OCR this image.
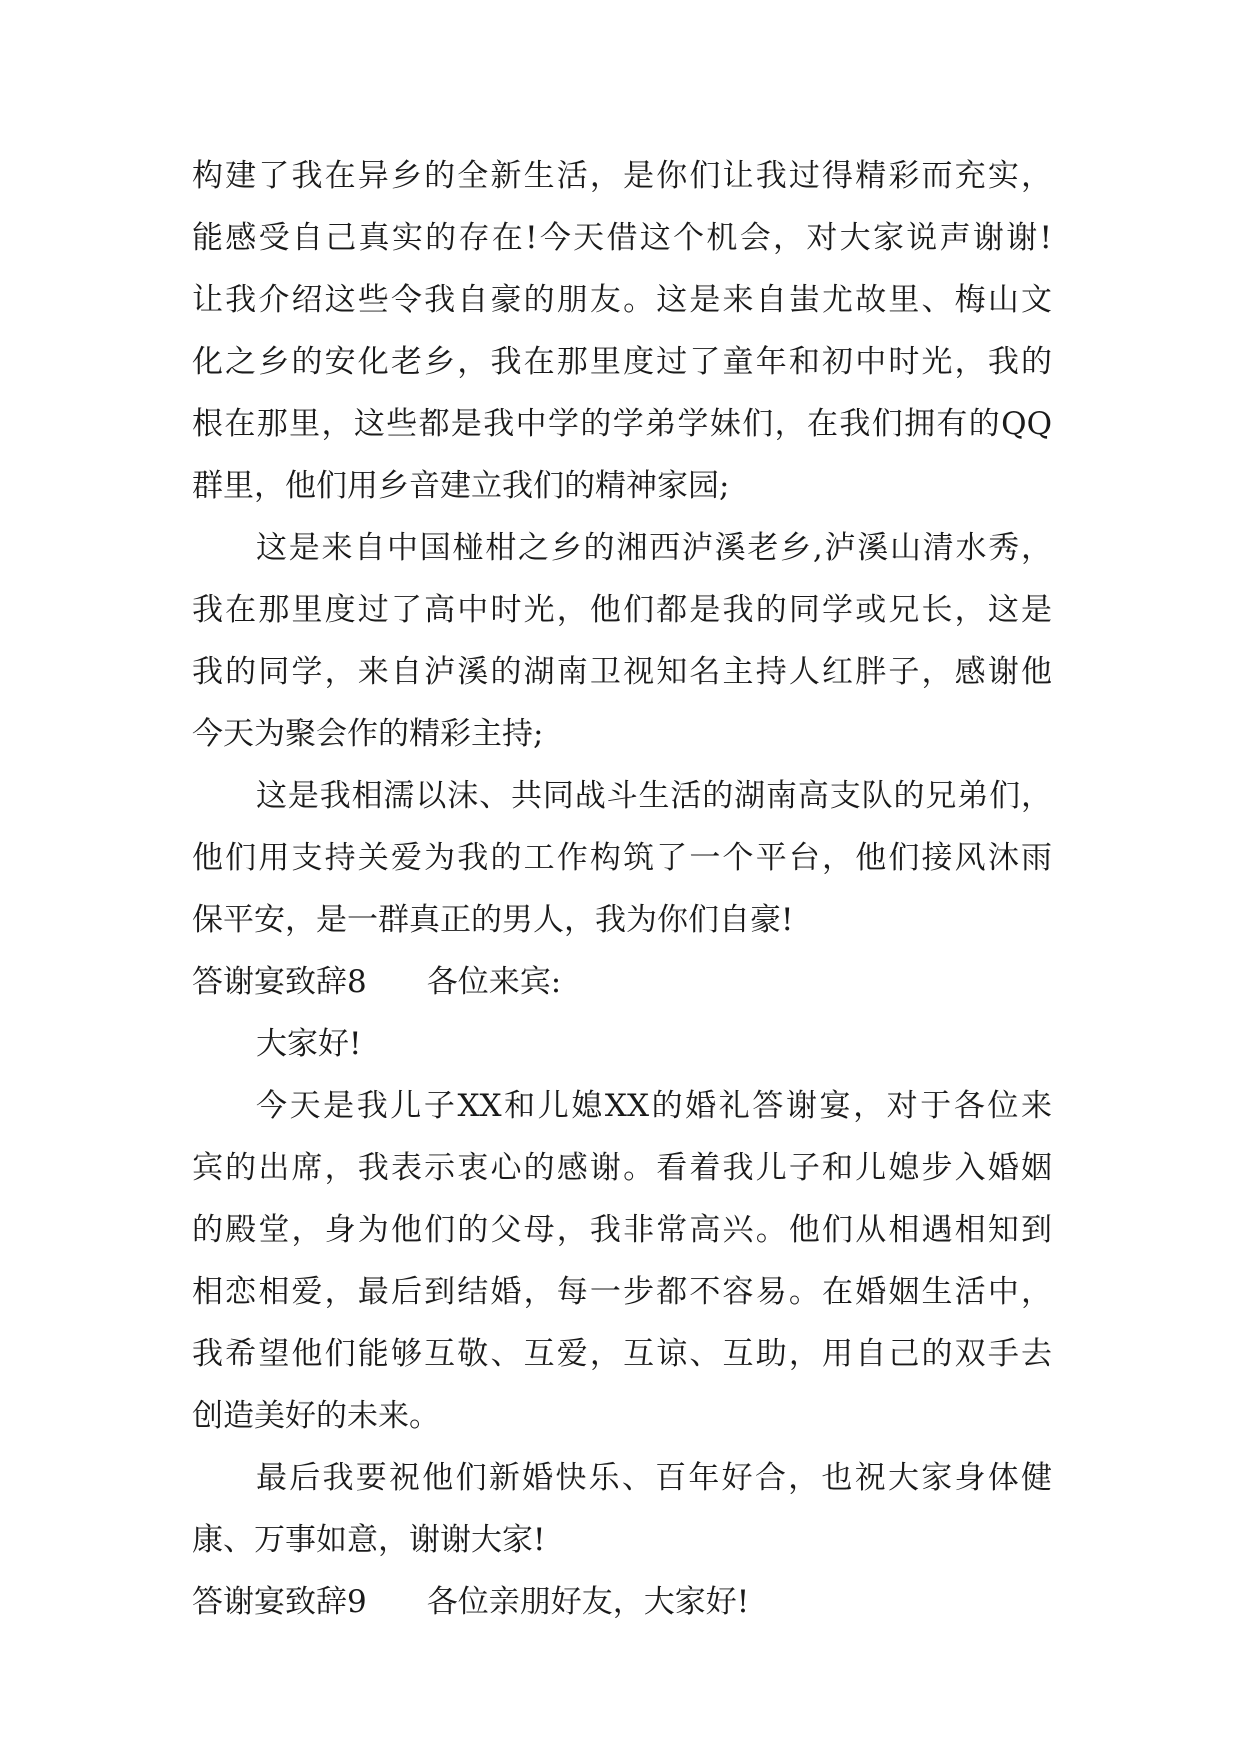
构建了我在异乡的全新生活，是你们让我过得精彩而充实，
能感受自己真实的存在!今天借这个机会，对大家说声谢谢!
让我介绍这些令我自豪的朋友。这是来自蚩尤故里、梅山文
化之乡的安化老乡，我在那里度过了童年和初中时光，我的
根在那里，这些都是我中学的学弟学妹们，在我们拥有的QQ
群里，他们用乡音建立我们的精神家园;
这是来自中国椪柑之乡的湘西泸溪老乡,泸溪山清水秀，
我在那里度过了高中时光，他们都是我的同学或兄长，这是
我的同学，来自泸溪的湖南卫视知名主持人红胖子，感谢他
今天为聚会作的精彩主持;
这是我相濡以沫、共同战斗生活的湖南高支队的兄弟们，
他们用支持关爱为我的工作构筑了一个平台，他们接风沐雨
保平安，是一群真正的男人，我为你们自豪!
答谢宴致辞8 各位来宾:
大家好!
今天是我儿子XX和儿媳XX的婚礼答谢宴，对于各位来
宾的出席，我表示衷心的感谢。看着我儿子和儿媳步入婚姻
的殿堂，身为他们的父母，我非常高兴。他们从相遇相知到
相恋相爱，最后到结婚，每一步都不容易。在婚姻生活中，
我希望他们能够互敬、互爱，互谅、互助，用自己的双手去
创造美好的未来。
最后我要祝他们新婚快乐、百年好合，也祝大家身体健
康、万事如意，谢谢大家!
答谢宴致辞9 各位亲朋好友，大家好!
